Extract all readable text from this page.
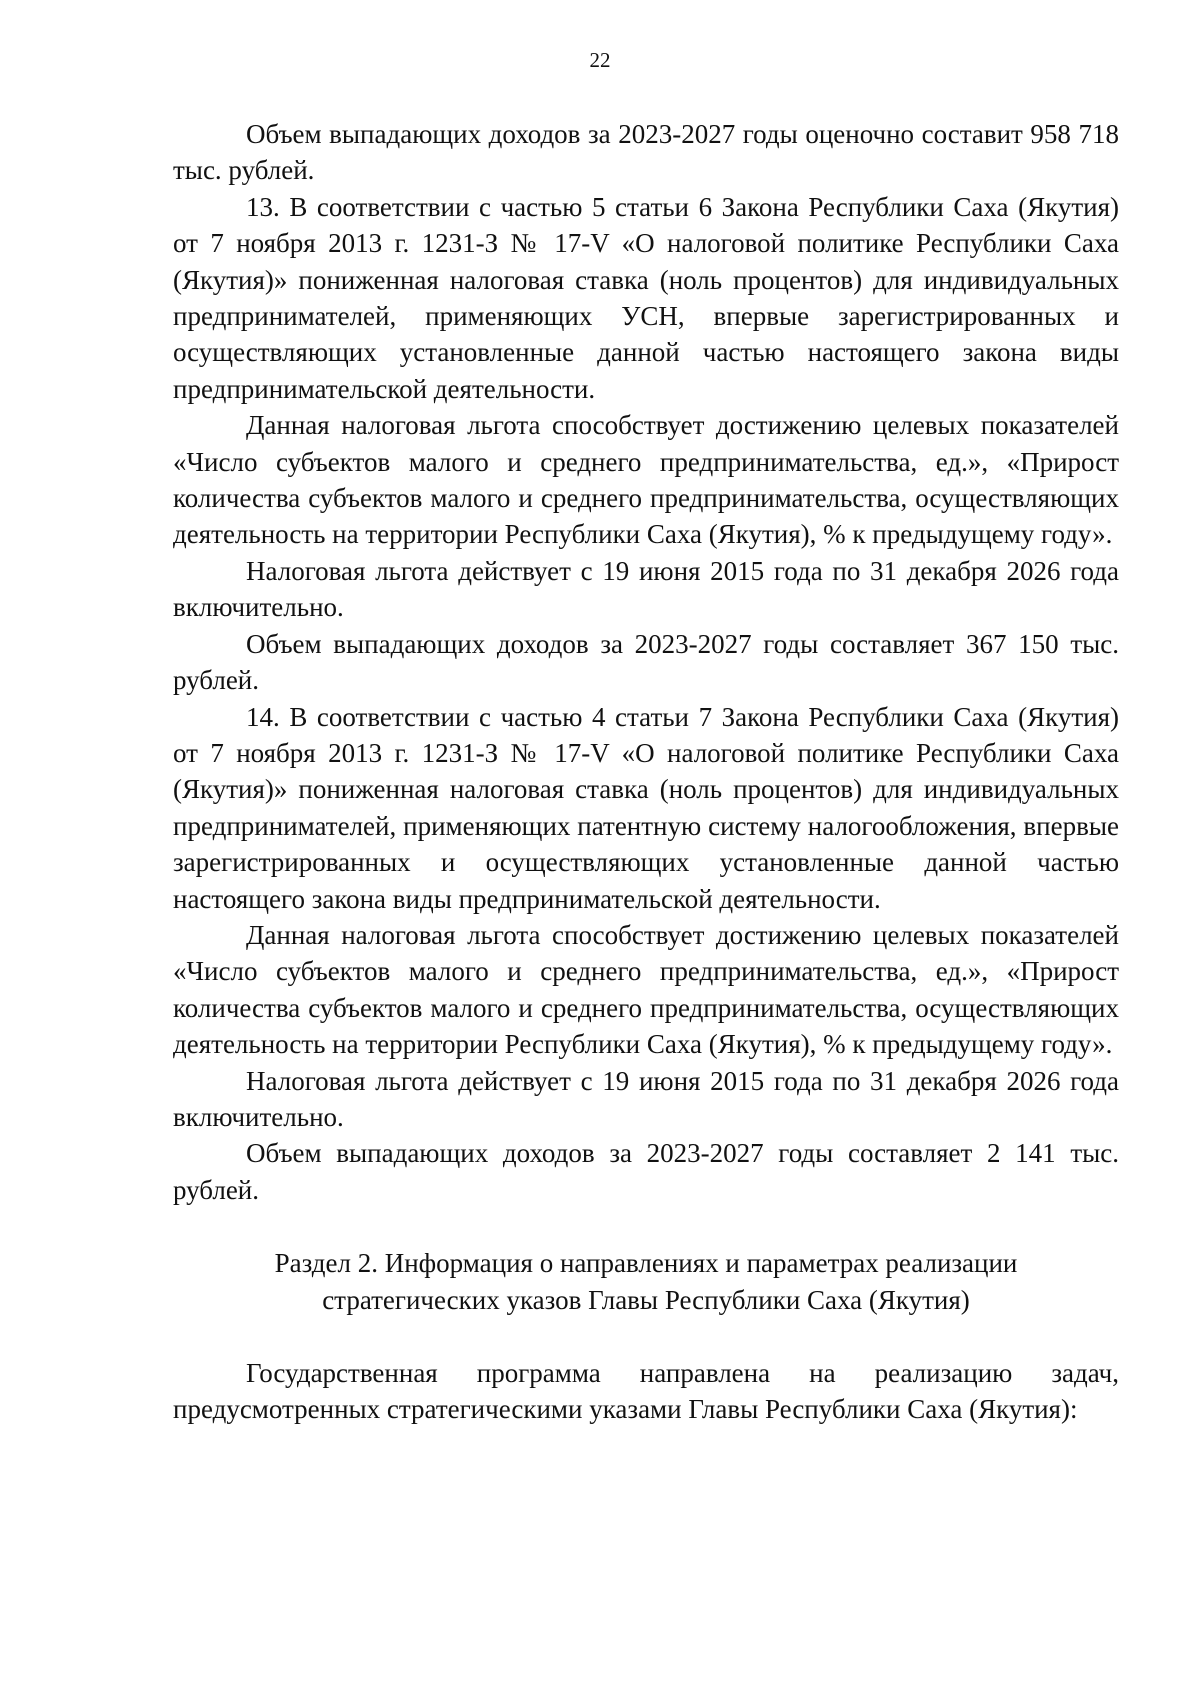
22

Объем выпадающих доходов за 2023-2027 годы оценочно составит 958 718 тыс. рублей.

13. В соответствии с частью 5 статьи 6 Закона Республики Саха (Якутия) от 7 ноября 2013 г. 1231-З № 17-V «О налоговой политике Республики Саха (Якутия)» пониженная налоговая ставка (ноль процентов) для индивидуальных предпринимателей, применяющих УСН, впервые зарегистрированных и осуществляющих установленные данной частью настоящего закона виды предпринимательской деятельности.

Данная налоговая льгота способствует достижению целевых показателей «Число субъектов малого и среднего предпринимательства, ед.», «Прирост количества субъектов малого и среднего предпринимательства, осуществляющих деятельность на территории Республики Саха (Якутия), % к предыдущему году».

Налоговая льгота действует с 19 июня 2015 года по 31 декабря 2026 года включительно.

Объем выпадающих доходов за 2023-2027 годы составляет 367 150 тыс. рублей.

14. В соответствии с частью 4 статьи 7 Закона Республики Саха (Якутия) от 7 ноября 2013 г. 1231-З № 17-V «О налоговой политике Республики Саха (Якутия)» пониженная налоговая ставка (ноль процентов) для индивидуальных предпринимателей, применяющих патентную систему налогообложения, впервые зарегистрированных и осуществляющих установленные данной частью настоящего закона виды предпринимательской деятельности.

Данная налоговая льгота способствует достижению целевых показателей «Число субъектов малого и среднего предпринимательства, ед.», «Прирост количества субъектов малого и среднего предпринимательства, осуществляющих деятельность на территории Республики Саха (Якутия), % к предыдущему году».

Налоговая льгота действует с 19 июня 2015 года по 31 декабря 2026 года включительно.

Объем выпадающих доходов за 2023-2027 годы составляет 2 141 тыс. рублей.

Раздел 2. Информация о направлениях и параметрах реализации
стратегических указов Главы Республики Саха (Якутия)

Государственная программа направлена на реализацию задач, предусмотренных стратегическими указами Главы Республики Саха (Якутия):
